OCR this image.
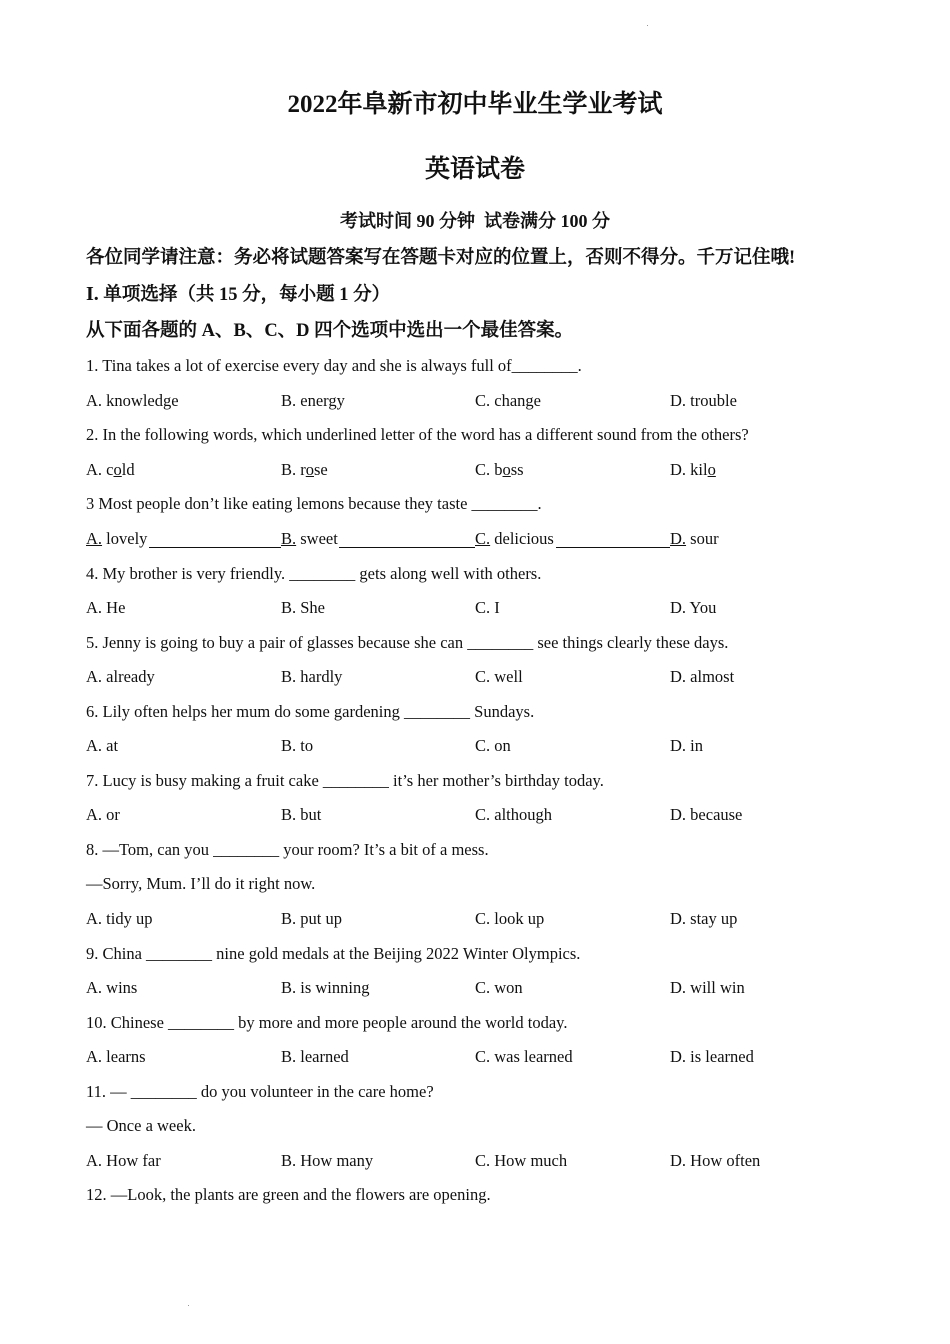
2022年阜新市初中毕业生学业考试
英语试卷
考试时间 90 分钟  试卷满分 100 分
各位同学请注意：务必将试题答案写在答题卡对应的位置上，否则不得分。千万记住哦!
I. 单项选择（共 15 分，每小题 1 分）
从下面各题的 A、B、C、D 四个选项中选出一个最佳答案。
1. Tina takes a lot of exercise every day and she is always full of________.
A. knowledge	B. energy	C. change	D. trouble
2. In the following words, which underlined letter of the word has a different sound from the others?
A. cold	B. rose	C. boss	D. kilo
3 Most people don’t like eating lemons because they taste ________.
A. lovely	B. sweet	C. delicious	D. sour
4. My brother is very friendly. ________ gets along well with others.
A. He	B. She	C. I	D. You
5. Jenny is going to buy a pair of glasses because she can ________ see things clearly these days.
A. already	B. hardly	C. well	D. almost
6. Lily often helps her mum do some gardening ________ Sundays.
A. at	B. to	C. on	D. in
7. Lucy is busy making a fruit cake ________ it’s her mother’s birthday today.
A. or	B. but	C. although	D. because
8. —Tom, can you ________ your room? It’s a bit of a mess.
—Sorry, Mum. I’ll do it right now.
A. tidy up	B. put up	C. look up	D. stay up
9. China ________ nine gold medals at the Beijing 2022 Winter Olympics.
A. wins	B. is winning	C. won	D. will win
10. Chinese ________ by more and more people around the world today.
A. learns	B. learned	C. was learned	D. is learned
11. — ________ do you volunteer in the care home?
— Once a week.
A. How far	B. How many	C. How much	D. How often
12. —Look, the plants are green and the flowers are opening.
